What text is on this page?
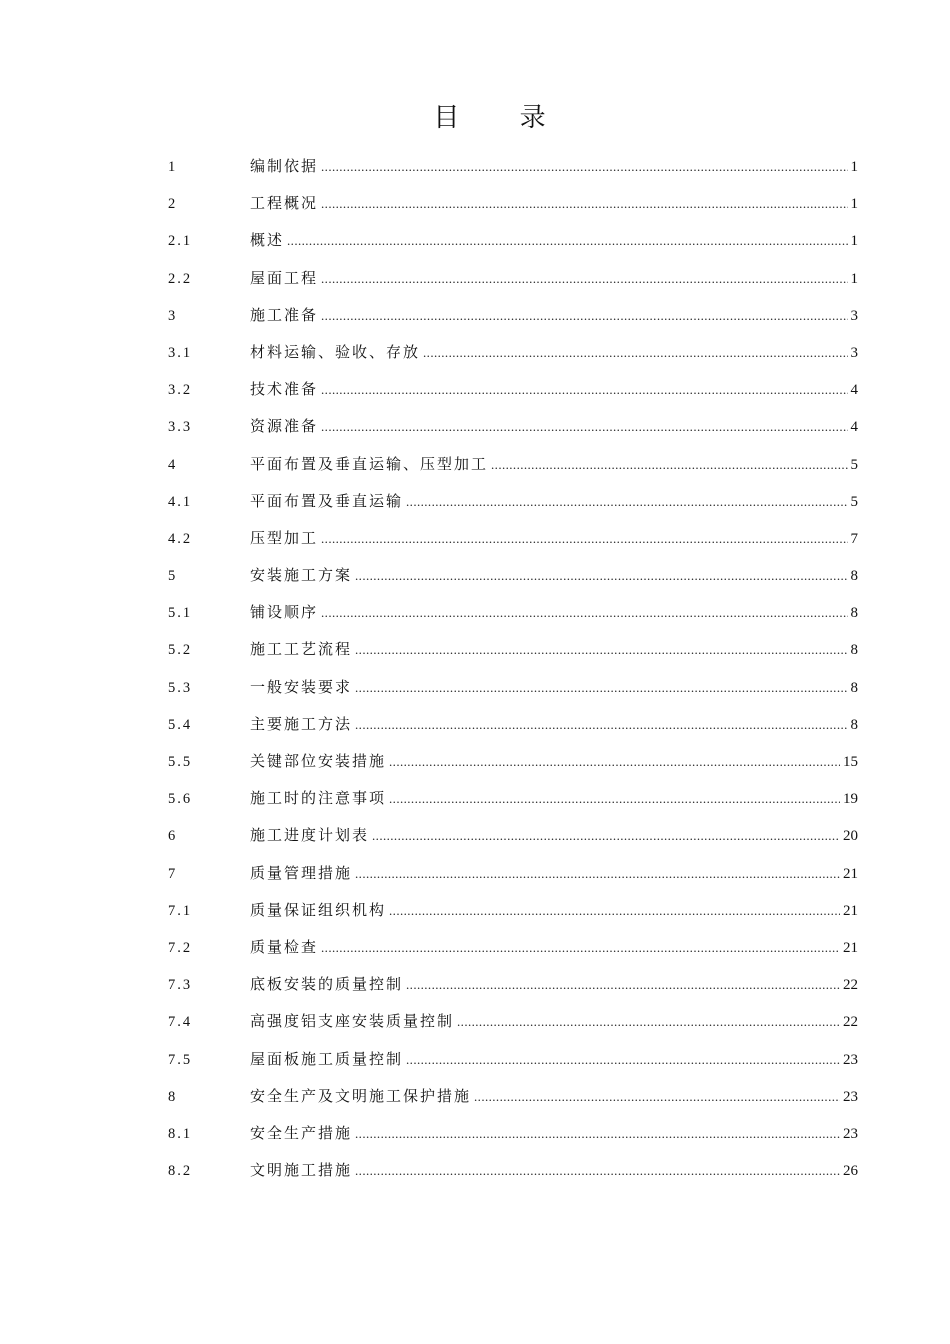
目 录
1	编制依据 .....	1
2	工程概况 .....	1
2.1	概述 .....	1
2.2	屋面工程 .....	1
3	施工准备 .....	3
3.1	材料运输、验收、存放 .....	3
3.2	技术准备 .....	4
3.3	资源准备 .....	4
4	平面布置及垂直运输、压型加工 .....	5
4.1	平面布置及垂直运输 .....	5
4.2	压型加工 .....	7
5	安装施工方案 .....	8
5.1	铺设顺序 .....	8
5.2	施工工艺流程 .....	8
5.3	一般安装要求 .....	8
5.4	主要施工方法 .....	8
5.5	关键部位安装措施 .....	15
5.6	施工时的注意事项 .....	19
6	施工进度计划表 .....	20
7	质量管理措施 .....	21
7.1	质量保证组织机构 .....	21
7.2	质量检查 .....	21
7.3	底板安装的质量控制 .....	22
7.4	高强度铝支座安装质量控制 .....	22
7.5	屋面板施工质量控制 .....	23
8	安全生产及文明施工保护措施 .....	23
8.1	安全生产措施 .....	23
8.2	文明施工措施 .....	26
